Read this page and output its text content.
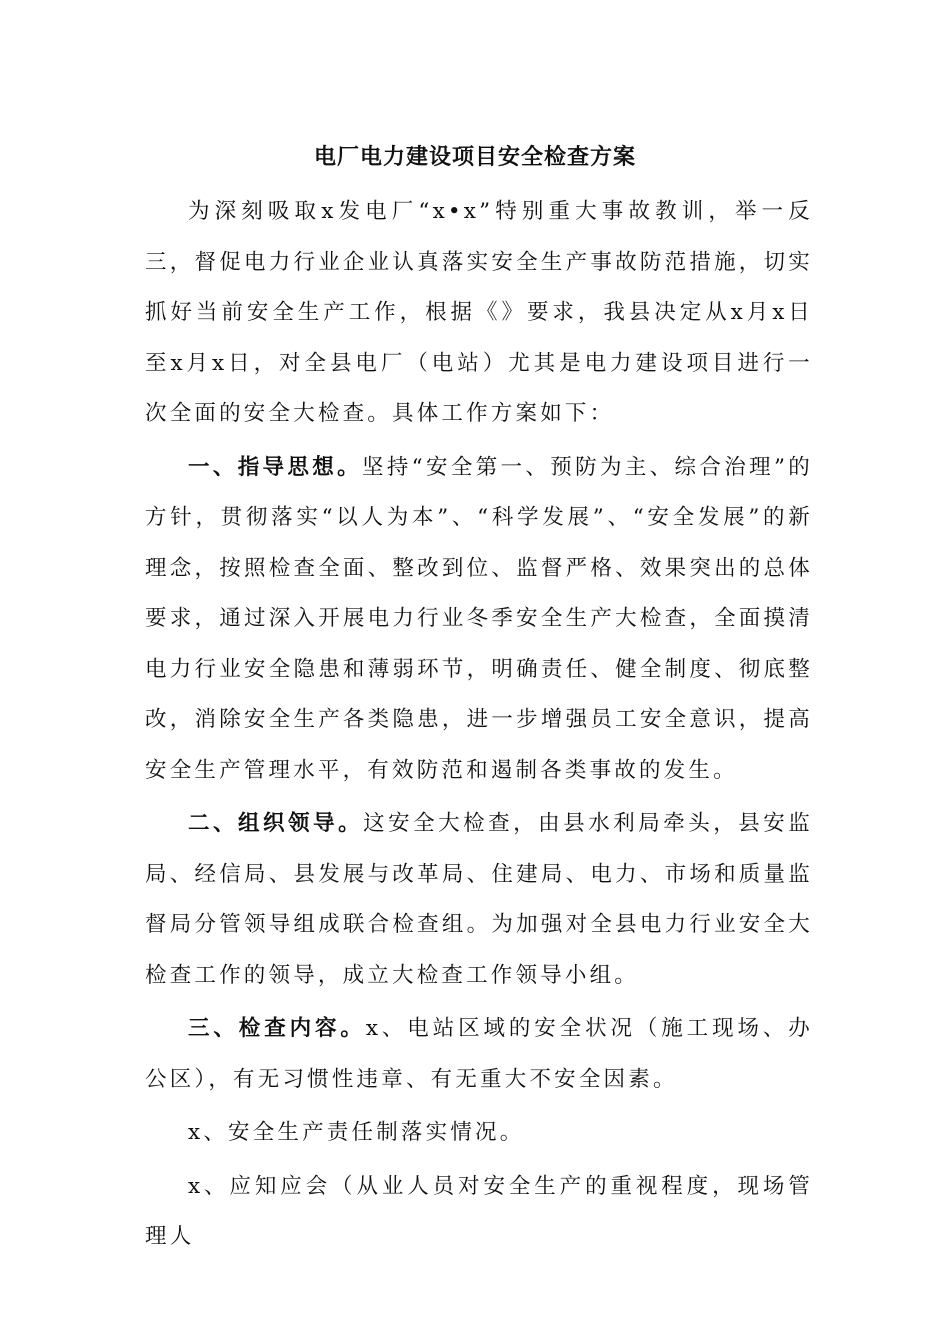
电厂电力建设项目安全检查方案

为深刻吸取x发电厂“x•x”特别重大事故教训，举一反三，督促电力行业企业认真落实安全生产事故防范措施，切实抓好当前安全生产工作，根据《》要求，我县决定从x月x日至x月x日，对全县电厂（电站）尤其是电力建设项目进行一次全面的安全大检查。具体工作方案如下：

一、指导思想。坚持“安全第一、预防为主、综合治理”的方针，贯彻落实“以人为本”、“科学发展”、“安全发展”的新理念，按照检查全面、整改到位、监督严格、效果突出的总体要求，通过深入开展电力行业冬季安全生产大检查，全面摸清电力行业安全隐患和薄弱环节，明确责任、健全制度、彻底整改，消除安全生产各类隐患，进一步增强员工安全意识，提高安全生产管理水平，有效防范和遏制各类事故的发生。

二、组织领导。这安全大检查，由县水利局牵头，县安监局、经信局、县发展与改革局、住建局、电力、市场和质量监督局分管领导组成联合检查组。为加强对全县电力行业安全大检查工作的领导，成立大检查工作领导小组。

三、检查内容。x、电站区域的安全状况（施工现场、办公区），有无习惯性违章、有无重大不安全因素。

x、安全生产责任制落实情况。

x、应知应会（从业人员对安全生产的重视程度，现场管理人
